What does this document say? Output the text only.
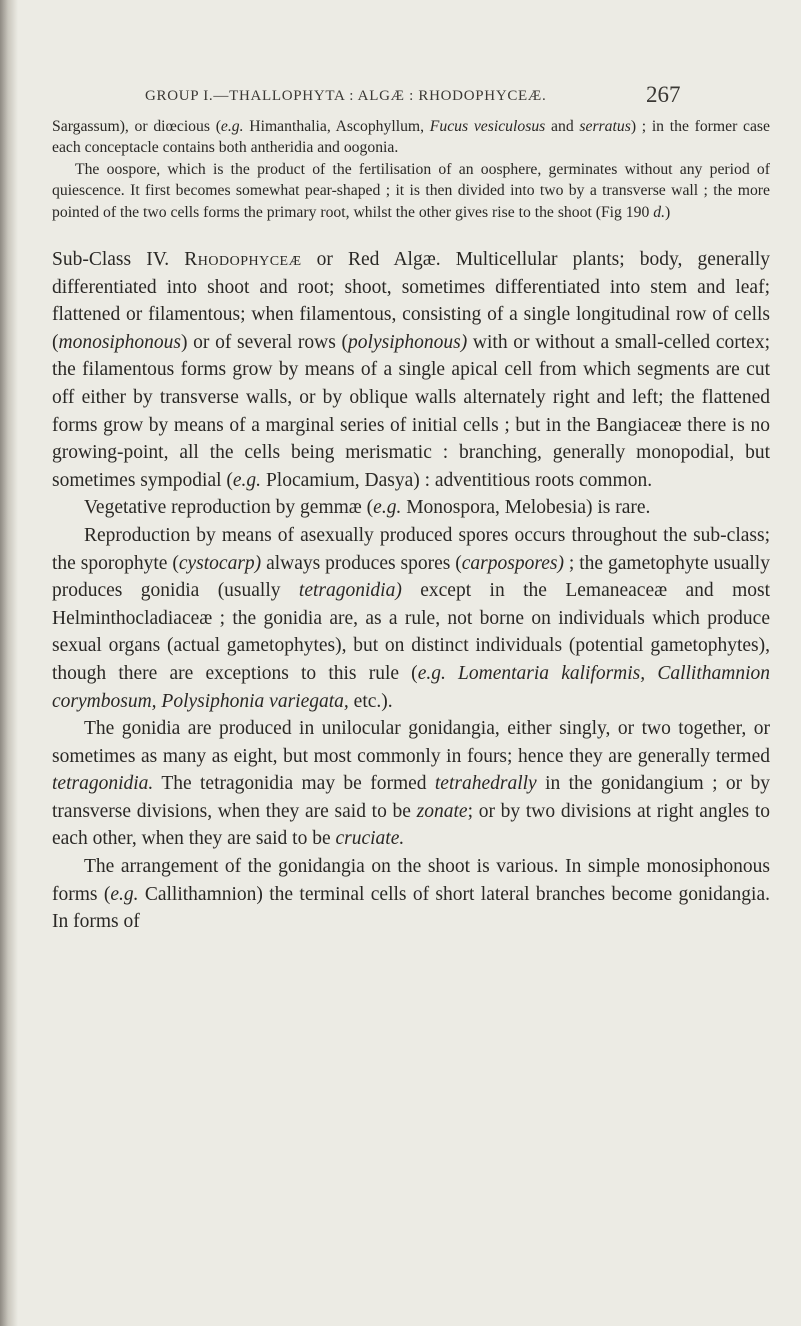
GROUP I.—THALLOPHYTA : ALGÆ : RHODOPHYCEÆ.	267

Sargassum), or diœcious (e.g. Himanthalia, Ascophyllum, Fucus vesiculosus and serratus) ; in the former case each conceptacle contains both antheridia and oogonia.

The oospore, which is the product of the fertilisation of an oosphere, germinates without any period of quiescence. It first becomes somewhat pear-shaped ; it is then divided into two by a transverse wall ; the more pointed of the two cells forms the primary root, whilst the other gives rise to the shoot (Fig 190 d.)

Sub-Class IV. Rhodophyceæ or Red Algæ. Multicellular plants; body, generally differentiated into shoot and root; shoot, sometimes differentiated into stem and leaf; flattened or filamentous; when filamentous, consisting of a single longitudinal row of cells (monosiphonous) or of several rows (polysiphonous) with or without a small-celled cortex; the filamentous forms grow by means of a single apical cell from which segments are cut off either by transverse walls, or by oblique walls alternately right and left; the flattened forms grow by means of a marginal series of initial cells ; but in the Bangiaceæ there is no growing-point, all the cells being merismatic : branching, generally monopodial, but sometimes sympodial (e.g. Plocamium, Dasya) : adventitious roots common.

Vegetative reproduction by gemmæ (e.g. Monospora, Melobesia) is rare.

Reproduction by means of asexually produced spores occurs throughout the sub-class; the sporophyte (cystocarp) always produces spores (carpospores) ; the gametophyte usually produces gonidia (usually tetragonidia) except in the Lemaneaceæ and most Helminthocladiaceæ ; the gonidia are, as a rule, not borne on individuals which produce sexual organs (actual gametophytes), but on distinct individuals (potential gametophytes), though there are exceptions to this rule (e.g. Lomentaria kaliformis, Callithamnion corymbosum, Polysiphonia variegata, etc.).

The gonidia are produced in unilocular gonidangia, either singly, or two together, or sometimes as many as eight, but most commonly in fours; hence they are generally termed tetragonidia. The tetragonidia may be formed tetrahedrally in the gonidangium ; or by transverse divisions, when they are said to be zonate; or by two divisions at right angles to each other, when they are said to be cruciate.

The arrangement of the gonidangia on the shoot is various. In simple monosiphonous forms (e.g. Callithamnion) the terminal cells of short lateral branches become gonidangia. In forms of
